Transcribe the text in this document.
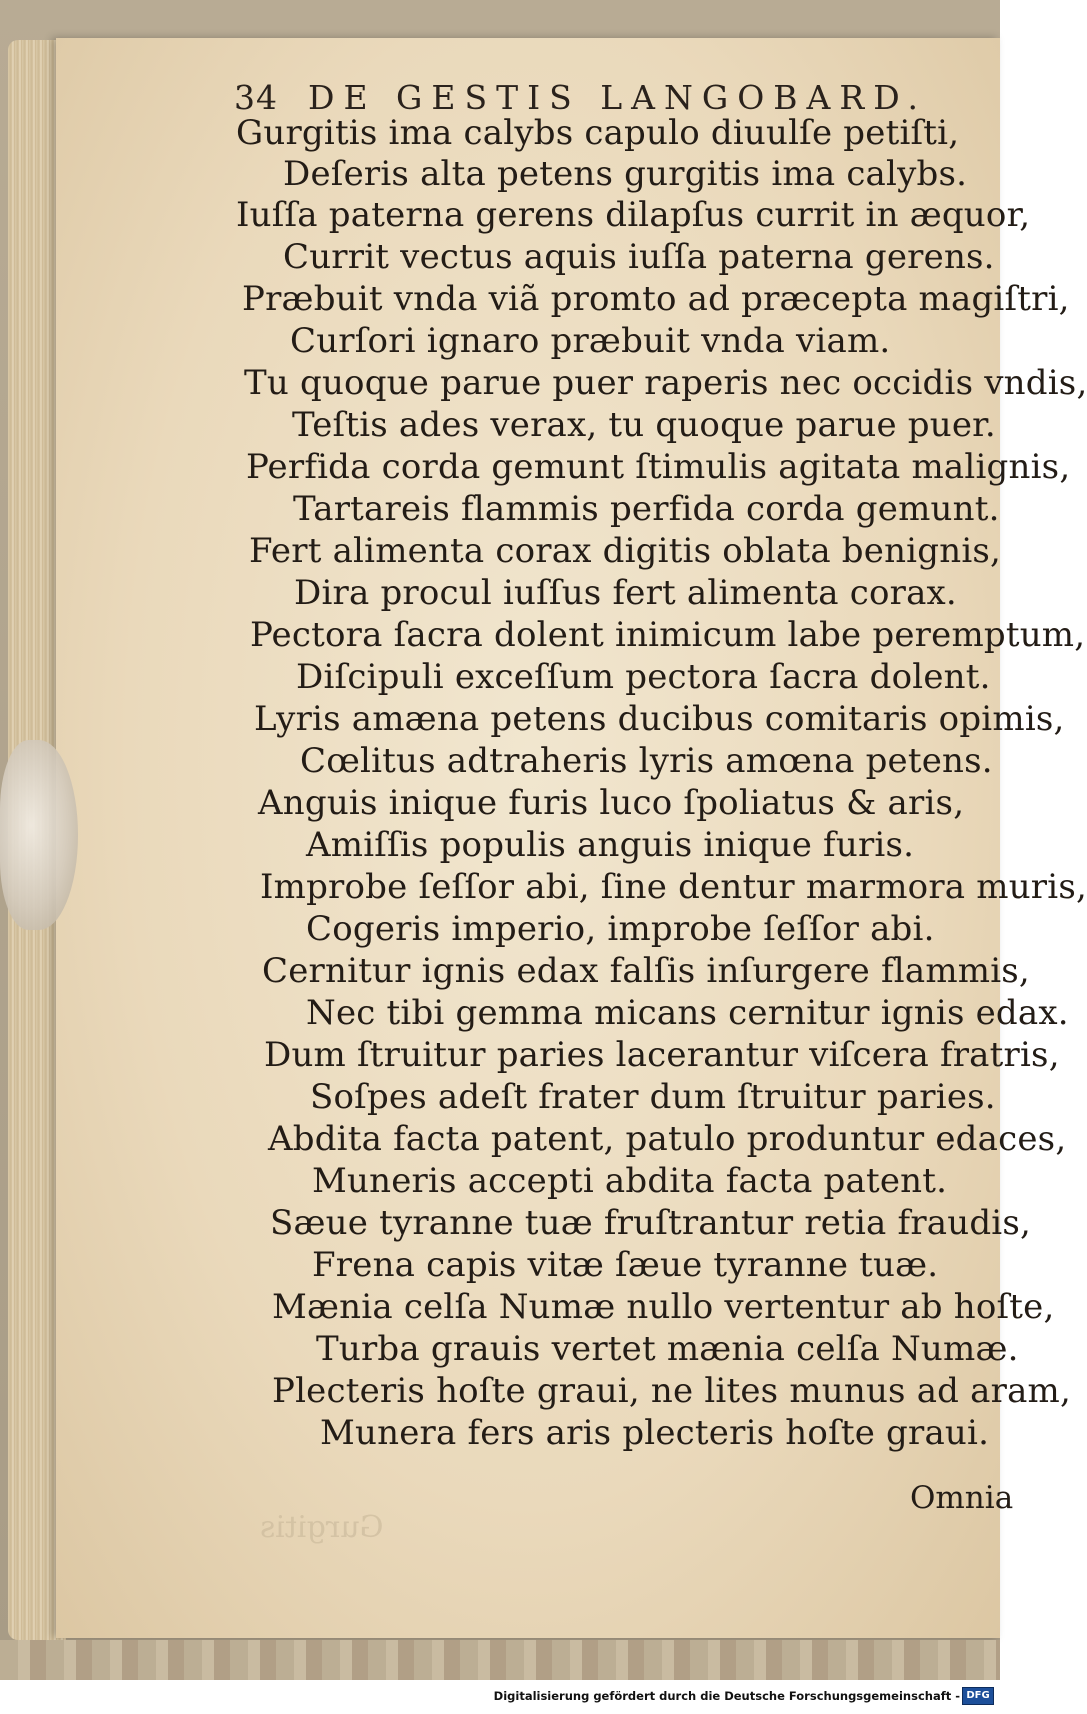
34 DE GESTIS LANGOBARD.
Gurgitis ima calybs capulo diuulſe petiſti,
Deſeris alta petens gurgitis ima calybs.
Iuſſa paterna gerens dilapſus currit in æquor,
Currit vectus aquis iuſſa paterna gerens.
Præbuit vnda viã promto ad præcepta magiſtri,
Curſori ignaro præbuit vnda viam.
Tu quoque parue puer raperis nec occidis vndis,
Teſtis ades verax, tu quoque parue puer.
Perfida corda gemunt ſtimulis agitata malignis,
Tartareis flammis perfida corda gemunt.
Fert alimenta corax digitis oblata benignis,
Dira procul iuſſus fert alimenta corax.
Pectora ſacra dolent inimicum labe peremptum,
Diſcipuli exceſſum pectora ſacra dolent.
Lyris amæna petens ducibus comitaris opimis,
Cœlitus adtraheris lyris amœna petens.
Anguis inique furis luco ſpoliatus & aris,
Amiſſis populis anguis inique furis.
Improbe ſeſſor abi, ſine dentur marmora muris,
Cogeris imperio, improbe ſeſſor abi.
Cernitur ignis edax falſis inſurgere flammis,
Nec tibi gemma micans cernitur ignis edax.
Dum ſtruitur paries lacerantur viſcera fratris,
Soſpes adeſt frater dum ſtruitur paries.
Abdita facta patent, patulo produntur edaces,
Muneris accepti abdita facta patent.
Sæue tyranne tuæ fruſtrantur retia fraudis,
Frena capis vitæ ſæue tyranne tuæ.
Mænia celſa Numæ nullo vertentur ab hoſte,
Turba grauis vertet mænia celſa Numæ.
Plecteris hoſte graui, ne lites munus ad aram,
Munera fers aris plecteris hoſte graui.
Gurgitis
Omnia
Digitalisierung gefördert durch die Deutsche Forschungsgemeinschaft - DFG
